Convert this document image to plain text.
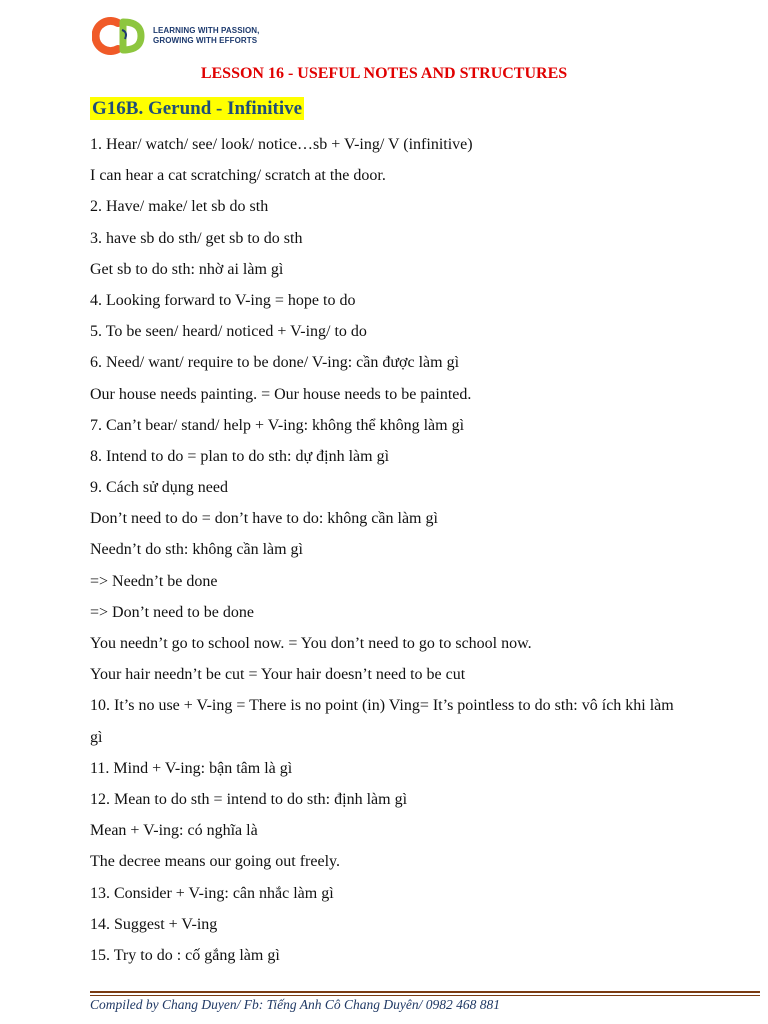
LEARNING WITH PASSION,
GROWING WITH EFFORTS
LESSON 16 - USEFUL NOTES AND STRUCTURES
G16B. Gerund - Infinitive
1. Hear/ watch/ see/ look/ notice…sb + V-ing/ V (infinitive)
I can hear a cat scratching/ scratch at the door.
2. Have/ make/ let sb do sth
3. have sb do sth/ get sb to do sth
Get sb to do sth: nhờ ai làm gì
4. Looking forward to V-ing = hope to do
5. To be seen/ heard/ noticed + V-ing/ to do
6. Need/ want/ require to be done/ V-ing: cần được làm gì
Our house needs painting. = Our house needs to be painted.
7. Can’t bear/ stand/ help + V-ing: không thể không làm gì
8. Intend to do = plan to do sth: dự định làm gì
9. Cách sử dụng need
Don’t need to do = don’t have to do: không cần làm gì
Needn’t do sth: không cần làm gì
=> Needn’t be done
=> Don’t need to be done
You needn’t go to school now. = You don’t need to go to school now.
Your hair needn’t be cut = Your hair doesn’t need to be cut
10. It’s no use + V-ing = There is no point (in) Ving= It’s pointless to do sth: vô ích khi làm
gì
11. Mind + V-ing: bận tâm là gì
12. Mean to do sth = intend to do sth: định làm gì
Mean + V-ing: có nghĩa là
The decree means our going out freely.
13. Consider + V-ing: cân nhắc làm gì
14. Suggest + V-ing
15. Try to do : cố gắng làm gì
Compiled by Chang Duyen/ Fb: Tiếng Anh Cô Chang Duyên/ 0982 468 881
